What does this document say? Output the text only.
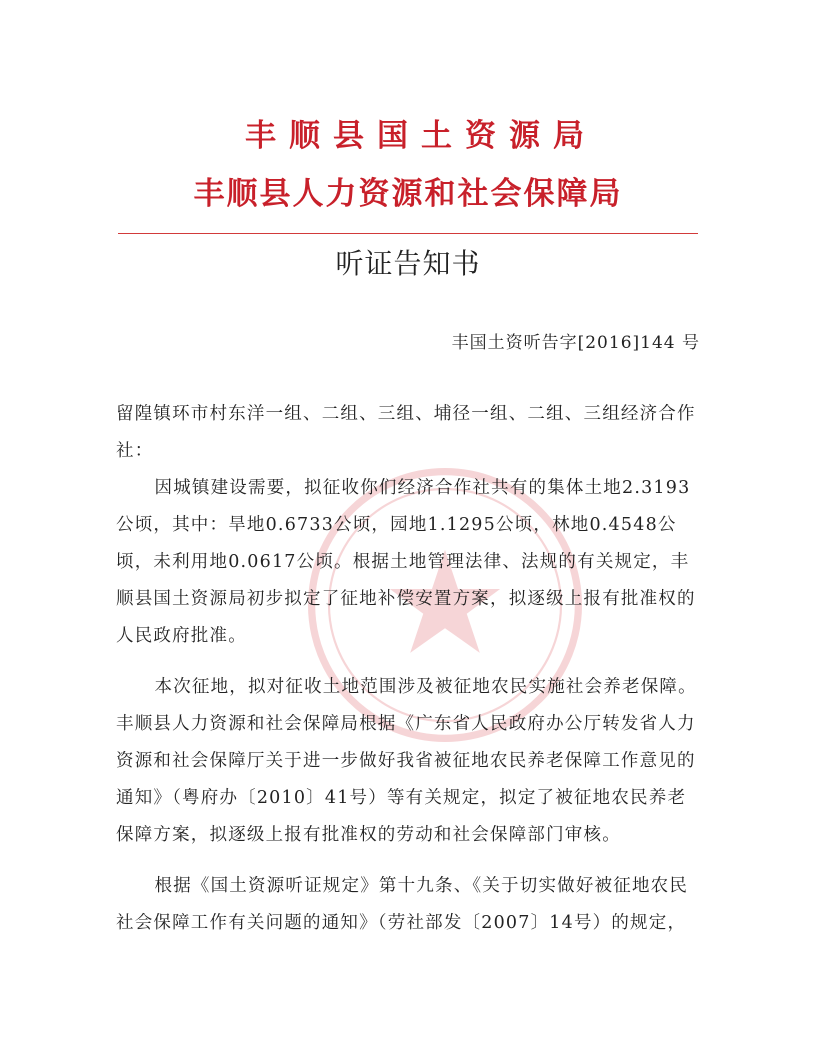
丰顺县国土资源局
丰顺县人力资源和社会保障局
听证告知书
丰国土资听告字[2016]144 号

留隍镇环市村东洋一组、二组、三组、埔径一组、二组、三组经济合作社：

因城镇建设需要，拟征收你们经济合作社共有的集体土地2.3193公顷，其中：旱地0.6733公顷，园地1.1295公顷，林地0.4548公顷，未利用地0.0617公顷。根据土地管理法律、法规的有关规定，丰顺县国土资源局初步拟定了征地补偿安置方案，拟逐级上报有批准权的人民政府批准。

本次征地，拟对征收土地范围涉及被征地农民实施社会养老保障。丰顺县人力资源和社会保障局根据《广东省人民政府办公厅转发省人力资源和社会保障厅关于进一步做好我省被征地农民养老保障工作意见的通知》（粤府办〔2010〕41号）等有关规定，拟定了被征地农民养老保障方案，拟逐级上报有批准权的劳动和社会保障部门审核。

根据《国土资源听证规定》第十九条、《关于切实做好被征地农民社会保障工作有关问题的通知》（劳社部发〔2007〕14号）的规定，
